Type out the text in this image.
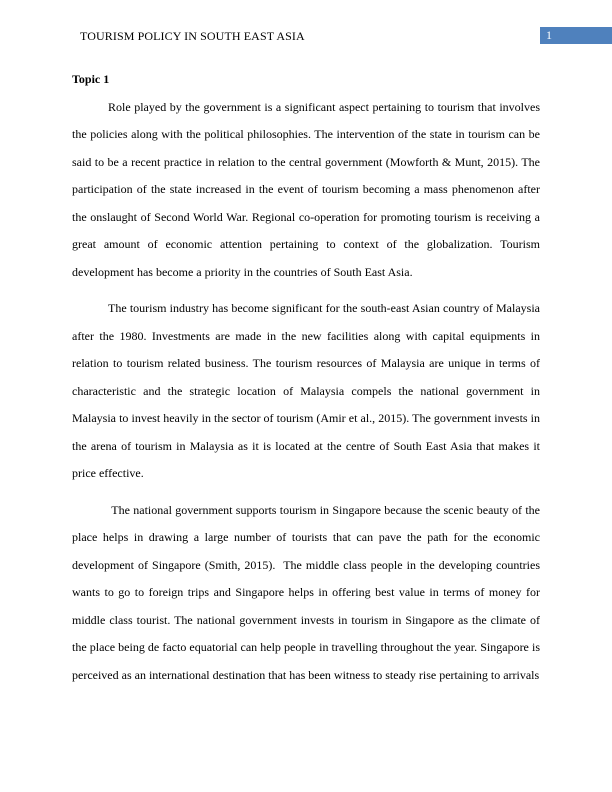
TOURISM POLICY IN SOUTH EAST ASIA	1

Topic 1

Role played by the government is a significant aspect pertaining to tourism that involves the policies along with the political philosophies. The intervention of the state in tourism can be said to be a recent practice in relation to the central government (Mowforth & Munt, 2015). The participation of the state increased in the event of tourism becoming a mass phenomenon after the onslaught of Second World War. Regional co-operation for promoting tourism is receiving a great amount of economic attention pertaining to context of the globalization. Tourism development has become a priority in the countries of South East Asia.

The tourism industry has become significant for the south-east Asian country of Malaysia after the 1980. Investments are made in the new facilities along with capital equipments in relation to tourism related business. The tourism resources of Malaysia are unique in terms of characteristic and the strategic location of Malaysia compels the national government in Malaysia to invest heavily in the sector of tourism (Amir et al., 2015). The government invests in the arena of tourism in Malaysia as it is located at the centre of South East Asia that makes it price effective.

The national government supports tourism in Singapore because the scenic beauty of the place helps in drawing a large number of tourists that can pave the path for the economic development of Singapore (Smith, 2015).  The middle class people in the developing countries wants to go to foreign trips and Singapore helps in offering best value in terms of money for middle class tourist. The national government invests in tourism in Singapore as the climate of the place being de facto equatorial can help people in travelling throughout the year. Singapore is perceived as an international destination that has been witness to steady rise pertaining to arrivals
